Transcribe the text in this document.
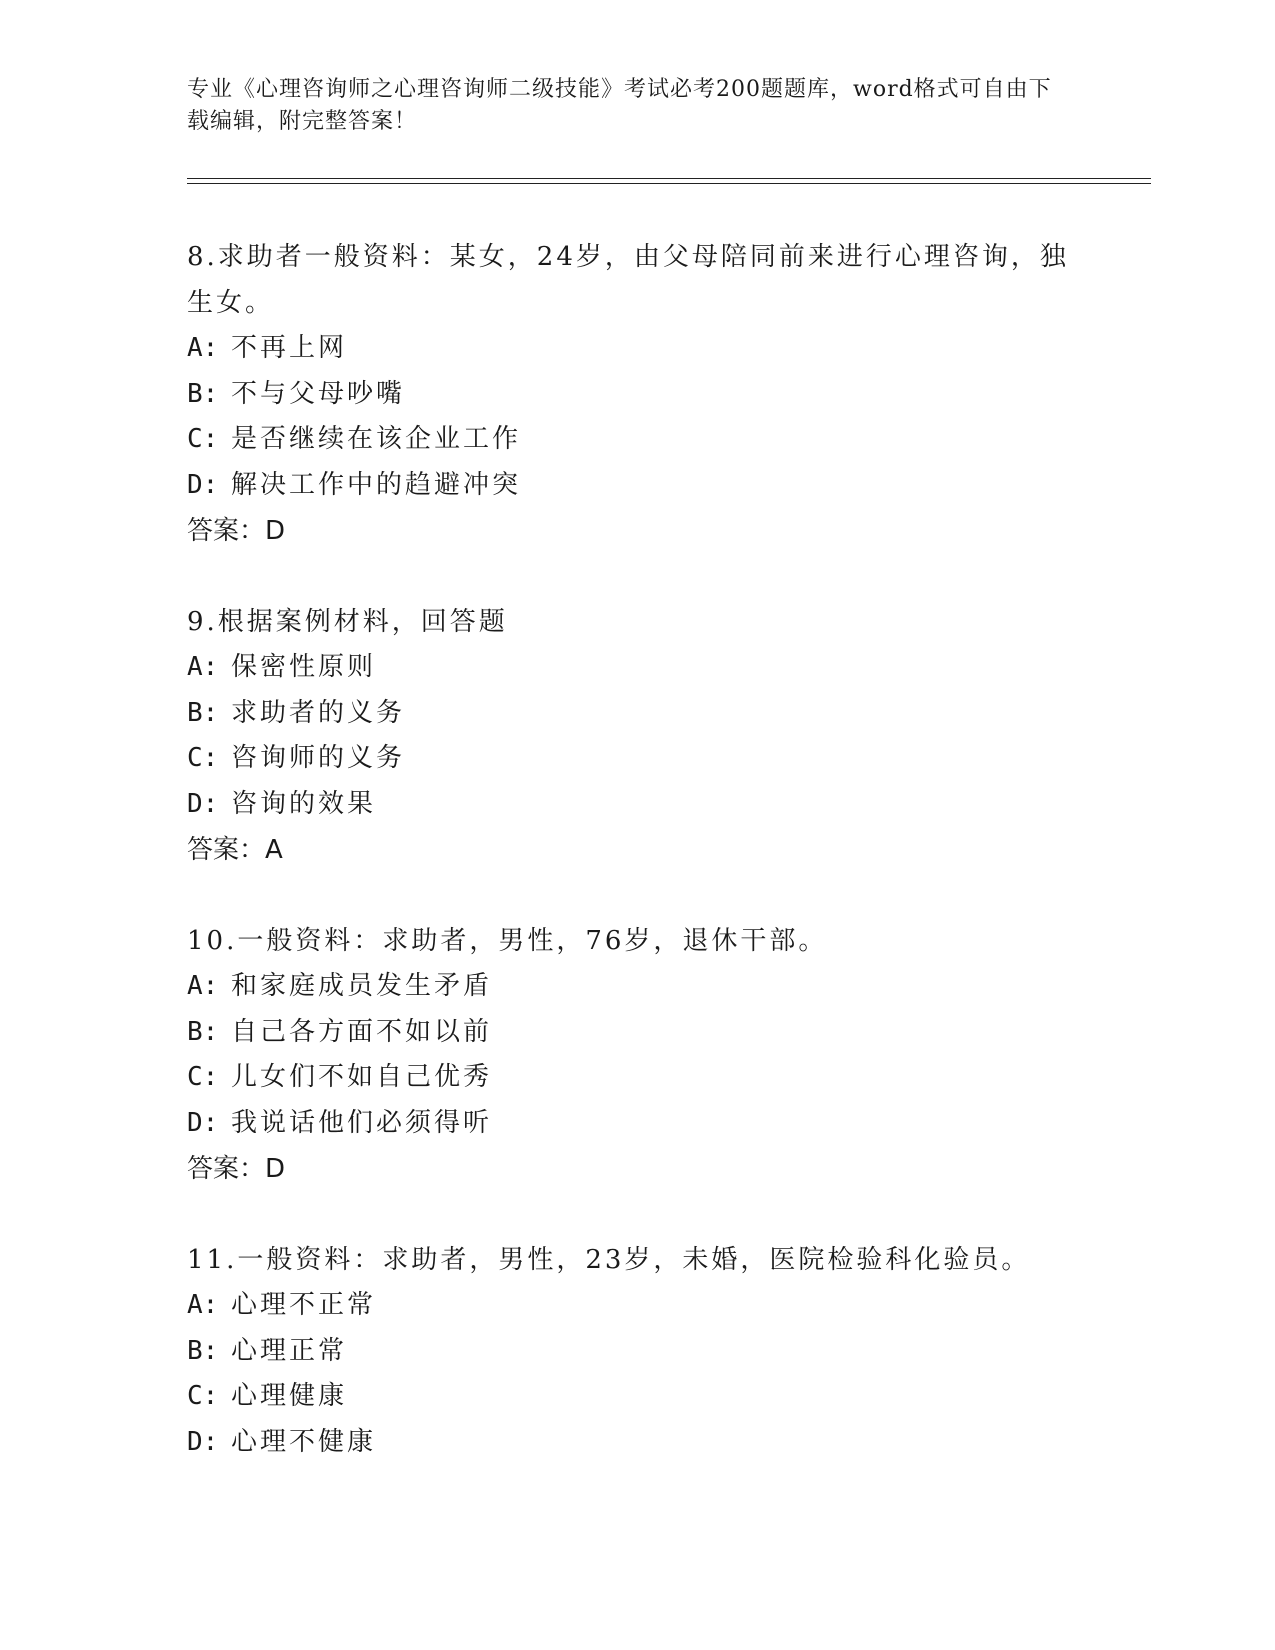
专业《心理咨询师之心理咨询师二级技能》考试必考200题题库，word格式可自由下载编辑，附完整答案！

8.求助者一般资料：某女，24岁，由父母陪同前来进行心理咨询，独生女。

A: 不再上网

B: 不与父母吵嘴

C: 是否继续在该企业工作

D: 解决工作中的趋避冲突

答案：D

9.根据案例材料，回答题

A: 保密性原则

B: 求助者的义务

C: 咨询师的义务

D: 咨询的效果

答案：A

10.一般资料：求助者，男性，76岁，退休干部。

A: 和家庭成员发生矛盾

B: 自己各方面不如以前

C: 儿女们不如自己优秀

D: 我说话他们必须得听

答案：D

11.一般资料：求助者，男性，23岁，未婚，医院检验科化验员。

A: 心理不正常

B: 心理正常

C: 心理健康

D: 心理不健康
